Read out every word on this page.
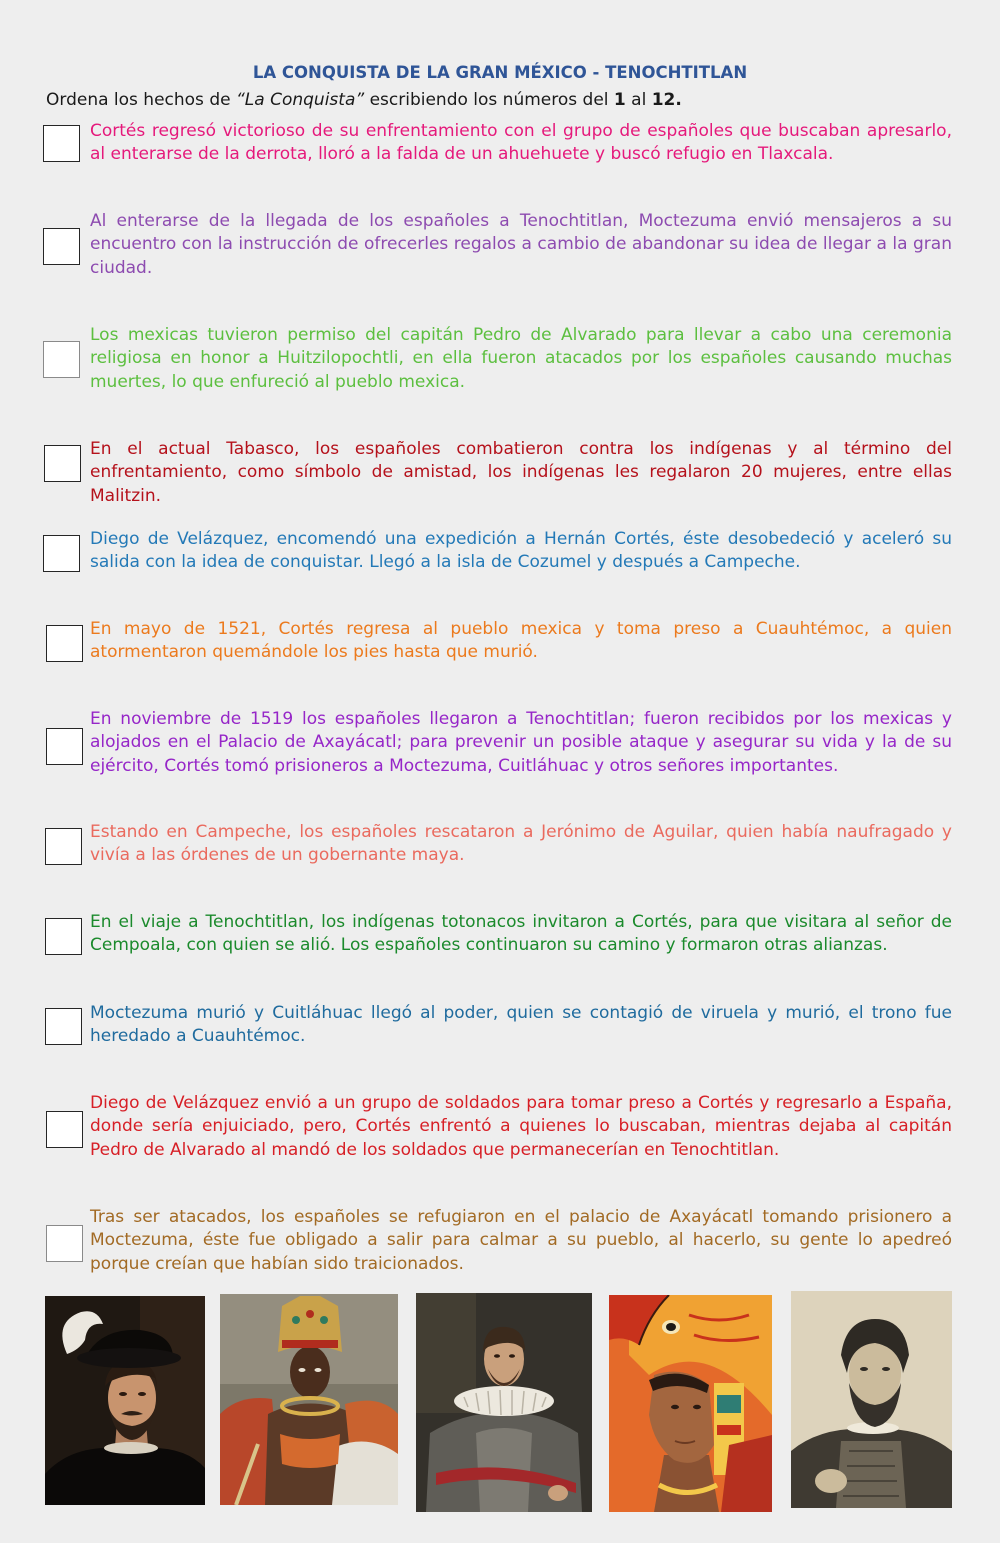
LA CONQUISTA DE LA GRAN MÉXICO - TENOCHTITLAN

Ordena los hechos de “La Conquista” escribiendo los números del 1 al 12.

Cortés regresó victorioso de su enfrentamiento con el grupo de españoles que buscaban apresarlo, al enterarse de la derrota, lloró a la falda de un ahuehuete y buscó refugio en Tlaxcala.

Al enterarse de la llegada de los españoles a Tenochtitlan, Moctezuma envió mensajeros a su encuentro con la instrucción de ofrecerles regalos a cambio de abandonar su idea de llegar a la gran ciudad.

Los mexicas tuvieron permiso del capitán Pedro de Alvarado para llevar a cabo una ceremonia religiosa en honor a Huitzilopochtli, en ella fueron atacados por los españoles causando muchas muertes, lo que enfureció al pueblo mexica.

En el actual Tabasco, los españoles combatieron contra los indígenas y al término del enfrentamiento, como símbolo de amistad, los indígenas les regalaron 20 mujeres, entre ellas Malitzin.

Diego de Velázquez, encomendó una expedición a Hernán Cortés, éste desobedeció y aceleró su salida con la idea de conquistar. Llegó a la isla de Cozumel y después a Campeche.

En mayo de 1521, Cortés regresa al pueblo mexica y toma preso a Cuauhtémoc, a quien atormentaron quemándole los pies hasta que murió.

En noviembre de 1519 los españoles llegaron a Tenochtitlan; fueron recibidos por los mexicas y alojados en el Palacio de Axayácatl; para prevenir un posible ataque y asegurar su vida y la de su ejército, Cortés tomó prisioneros a Moctezuma, Cuitláhuac y otros señores importantes.

Estando en Campeche, los españoles rescataron a Jerónimo de Aguilar, quien había naufragado y vivía a las órdenes de un gobernante maya.

En el viaje a Tenochtitlan, los indígenas totonacos invitaron a Cortés, para que visitara al señor de Cempoala, con quien se alió. Los españoles continuaron su camino y formaron otras alianzas.

Moctezuma murió y Cuitláhuac llegó al poder, quien se contagió de viruela y murió, el trono fue heredado a Cuauhtémoc.

Diego de Velázquez envió a un grupo de soldados para tomar preso a Cortés y regresarlo a España, donde sería enjuiciado, pero, Cortés enfrentó a quienes lo buscaban, mientras dejaba al capitán Pedro de Alvarado al mandó de los soldados que permanecerían en Tenochtitlan.

Tras ser atacados, los españoles se refugiaron en el palacio de Axayácatl tomando prisionero a Moctezuma, éste fue obligado a salir para calmar a su pueblo, al hacerlo, su gente lo apedreó porque creían que habían sido traicionados.
